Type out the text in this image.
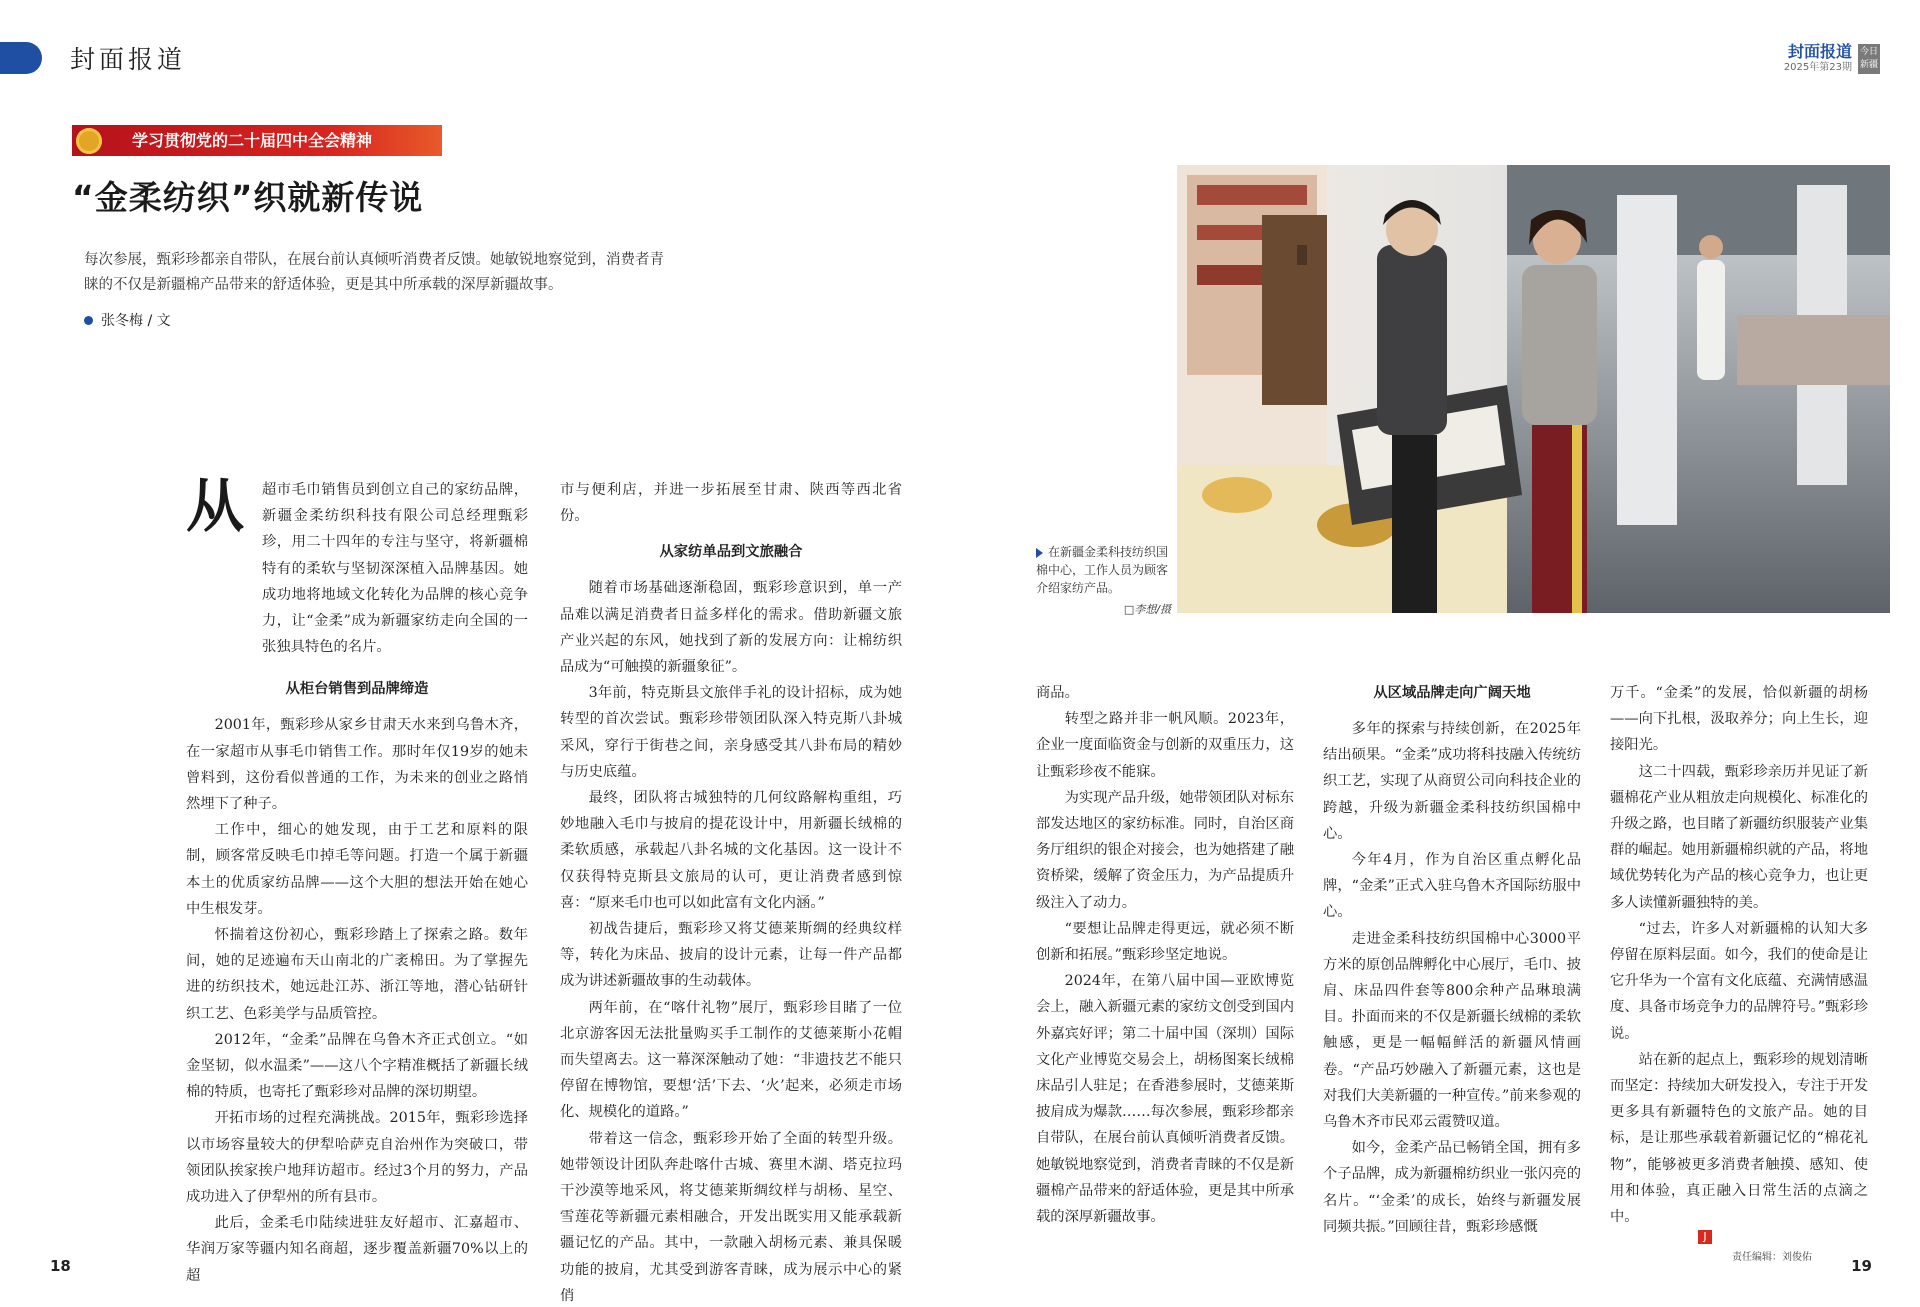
封面报道	封面报道
2025年第23期
今日新疆
学习贯彻党的二十届四中全会精神
“金柔纺织”织就新传说
每次参展，甄彩珍都亲自带队，在展台前认真倾听消费者反馈。她敏锐地察觉到，消费者青睐的不仅是新疆棉产品带来的舒适体验，更是其中所承载的深厚新疆故事。
张冬梅 / 文
在新疆金柔科技纺织国棉中心，工作人员为顾客介绍家纺产品。
□李想/摄
从	超市毛巾销售员到创立自己的家纺品牌，新疆金柔纺织科技有限公司总经理甄彩珍，用二十四年的专注与坚守，将新疆棉特有的柔软与坚韧深深植入品牌基因。她成功地将地域文化转化为品牌的核心竞争力，让“金柔”成为新疆家纺走向全国的一张独具特色的名片。

从柜台销售到品牌缔造

2001年，甄彩珍从家乡甘肃天水来到乌鲁木齐，在一家超市从事毛巾销售工作。那时年仅19岁的她未曾料到，这份看似普通的工作，为未来的创业之路悄然埋下了种子。

工作中，细心的她发现，由于工艺和原料的限制，顾客常反映毛巾掉毛等问题。打造一个属于新疆本土的优质家纺品牌——这个大胆的想法开始在她心中生根发芽。

怀揣着这份初心，甄彩珍踏上了探索之路。数年间，她的足迹遍布天山南北的广袤棉田。为了掌握先进的纺织技术，她远赴江苏、浙江等地，潜心钻研针织工艺、色彩美学与品质管控。

2012年，“金柔”品牌在乌鲁木齐正式创立。“如金坚韧，似水温柔”——这八个字精准概括了新疆长绒棉的特质，也寄托了甄彩珍对品牌的深切期望。

开拓市场的过程充满挑战。2015年，甄彩珍选择以市场容量较大的伊犁哈萨克自治州作为突破口，带领团队挨家挨户地拜访超市。经过3个月的努力，产品成功进入了伊犁州的所有县市。

此后，金柔毛巾陆续进驻友好超市、汇嘉超市、华润万家等疆内知名商超，逐步覆盖新疆70%以上的超

市与便利店，并进一步拓展至甘肃、陕西等西北省份。

从家纺单品到文旅融合

随着市场基础逐渐稳固，甄彩珍意识到，单一产品难以满足消费者日益多样化的需求。借助新疆文旅产业兴起的东风，她找到了新的发展方向：让棉纺织品成为“可触摸的新疆象征”。

3年前，特克斯县文旅伴手礼的设计招标，成为她转型的首次尝试。甄彩珍带领团队深入特克斯八卦城采风，穿行于街巷之间，亲身感受其八卦布局的精妙与历史底蕴。

最终，团队将古城独特的几何纹路解构重组，巧妙地融入毛巾与披肩的提花设计中，用新疆长绒棉的柔软质感，承载起八卦名城的文化基因。这一设计不仅获得特克斯县文旅局的认可，更让消费者感到惊喜：“原来毛巾也可以如此富有文化内涵。”

初战告捷后，甄彩珍又将艾德莱斯绸的经典纹样等，转化为床品、披肩的设计元素，让每一件产品都成为讲述新疆故事的生动载体。

两年前，在“喀什礼物”展厅，甄彩珍目睹了一位北京游客因无法批量购买手工制作的艾德莱斯小花帽而失望离去。这一幕深深触动了她：“非遗技艺不能只停留在博物馆，要想‘活’下去、‘火’起来，必须走市场化、规模化的道路。”

带着这一信念，甄彩珍开始了全面的转型升级。她带领设计团队奔赴喀什古城、赛里木湖、塔克拉玛干沙漠等地采风，将艾德莱斯绸纹样与胡杨、星空、雪莲花等新疆元素相融合，开发出既实用又能承载新疆记忆的产品。其中，一款融入胡杨元素、兼具保暖功能的披肩，尤其受到游客青睐，成为展示中心的紧俏

商品。

转型之路并非一帆风顺。2023年，企业一度面临资金与创新的双重压力，这让甄彩珍夜不能寐。

为实现产品升级，她带领团队对标东部发达地区的家纺标准。同时，自治区商务厅组织的银企对接会，也为她搭建了融资桥梁，缓解了资金压力，为产品提质升级注入了动力。

“要想让品牌走得更远，就必须不断创新和拓展。”甄彩珍坚定地说。

2024年，在第八届中国—亚欧博览会上，融入新疆元素的家纺文创受到国内外嘉宾好评；第二十届中国（深圳）国际文化产业博览交易会上，胡杨图案长绒棉床品引人驻足；在香港参展时，艾德莱斯披肩成为爆款……每次参展，甄彩珍都亲自带队，在展台前认真倾听消费者反馈。她敏锐地察觉到，消费者青睐的不仅是新疆棉产品带来的舒适体验，更是其中所承载的深厚新疆故事。

从区域品牌走向广阔天地

多年的探索与持续创新，在2025年结出硕果。“金柔”成功将科技融入传统纺织工艺，实现了从商贸公司向科技企业的跨越，升级为新疆金柔科技纺织国棉中心。

今年4月，作为自治区重点孵化品牌，“金柔”正式入驻乌鲁木齐国际纺服中心。

走进金柔科技纺织国棉中心3000平方米的原创品牌孵化中心展厅，毛巾、披肩、床品四件套等800余种产品琳琅满目。扑面而来的不仅是新疆长绒棉的柔软触感，更是一幅幅鲜活的新疆风情画卷。“产品巧妙融入了新疆元素，这也是对我们大美新疆的一种宣传。”前来参观的乌鲁木齐市民邓云霞赞叹道。

如今，金柔产品已畅销全国，拥有多个子品牌，成为新疆棉纺织业一张闪亮的名片。“‘金柔’的成长，始终与新疆发展同频共振。”回顾往昔，甄彩珍感慨

万千。“金柔”的发展，恰似新疆的胡杨——向下扎根，汲取养分；向上生长，迎接阳光。

这二十四载，甄彩珍亲历并见证了新疆棉花产业从粗放走向规模化、标准化的升级之路，也目睹了新疆纺织服装产业集群的崛起。她用新疆棉织就的产品，将地域优势转化为产品的核心竞争力，也让更多人读懂新疆独特的美。

“过去，许多人对新疆棉的认知大多停留在原料层面。如今，我们的使命是让它升华为一个富有文化底蕴、充满情感温度、具备市场竞争力的品牌符号。”甄彩珍说。

站在新的起点上，甄彩珍的规划清晰而坚定：持续加大研发投入，专注于开发更多具有新疆特色的文旅产品。她的目标，是让那些承载着新疆记忆的“棉花礼物”，能够被更多消费者触摸、感知、使用和体验，真正融入日常生活的点滴之中。

J
18	责任编辑：刘俊佑	19
